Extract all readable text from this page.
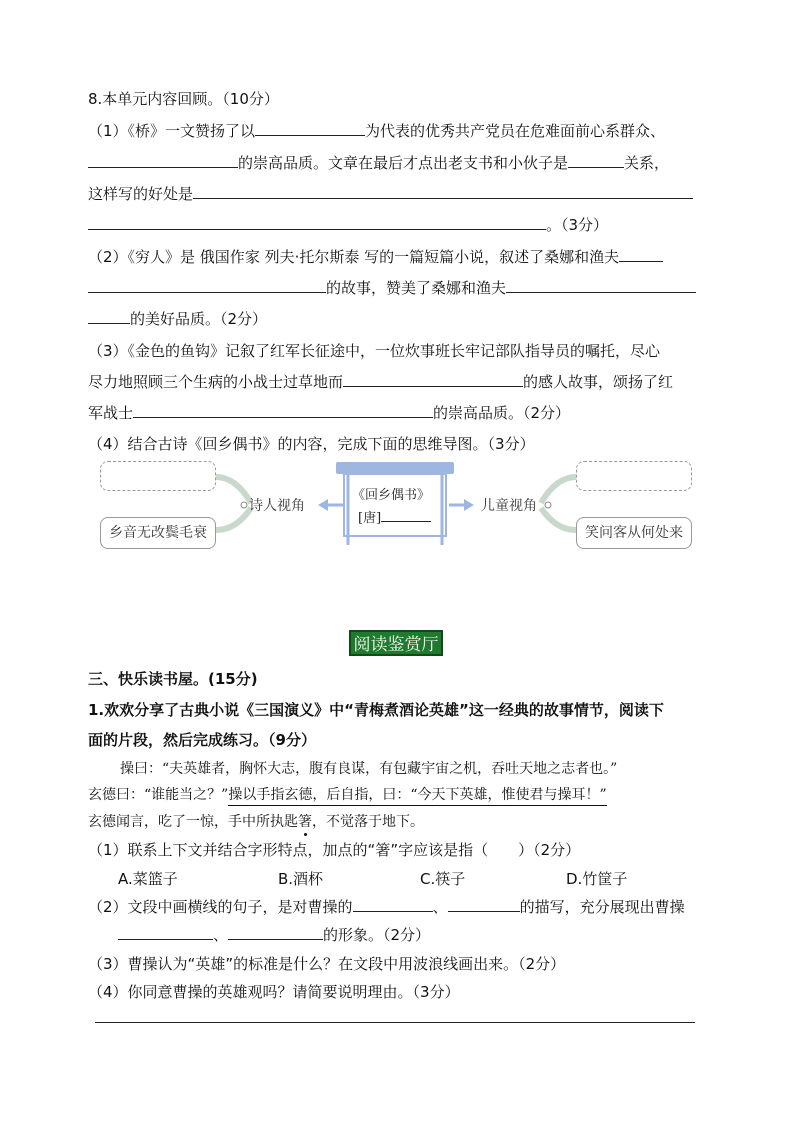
8.本单元内容回顾。（10分）
（1）《桥》一文赞扬了以	为代表的优秀共产党员在危难面前心系群众、
的崇高品质。文章在最后才点出老支书和小伙子是	关系，
这样写的好处是
。（3分）
（2）《穷人》是 俄国作家 列夫·托尔斯泰 写的一篇短篇小说，叙述了桑娜和渔夫
的故事，赞美了桑娜和渔夫
的美好品质。（2分）
（3）《金色的鱼钩》记叙了红军长征途中，一位炊事班长牢记部队指导员的嘱托，尽心
尽力地照顾三个生病的小战士过草地而	的感人故事，颂扬了红
军战士	的崇高品质。（2分）
（4）结合古诗《回乡偶书》的内容，完成下面的思维导图。（3分）
乡音无改鬓毛衰
诗人视角
《回乡偶书》
[唐]
儿童视角
笑问客从何处来
阅读鉴赏厅
三、快乐读书屋。(15分)
1.欢欢分享了古典小说《三国演义》中“青梅煮酒论英雄”这一经典的故事情节，阅读下
面的片段，然后完成练习。（9分）
操曰：“夫英雄者，胸怀大志，腹有良谋，有包藏宇宙之机，吞吐天地之志者也。”
玄德曰：“谁能当之？”操以手指玄德，后自指，曰：“今天下英雄，惟使君与操耳！”
玄德闻言，吃了一惊，手中所执匙箸，不觉落于地下。
（1）联系上下文并结合字形特点，加点的“箸”字应该是指（　　）（2分）
A.菜篮子	B.酒杯	C.筷子	D.竹筐子
（2）文段中画横线的句子，是对曹操的	、	的描写，充分展现出曹操
、	的形象。（2分）
（3）曹操认为“英雄”的标准是什么？在文段中用波浪线画出来。（2分）
（4）你同意曹操的英雄观吗？请简要说明理由。（3分）
